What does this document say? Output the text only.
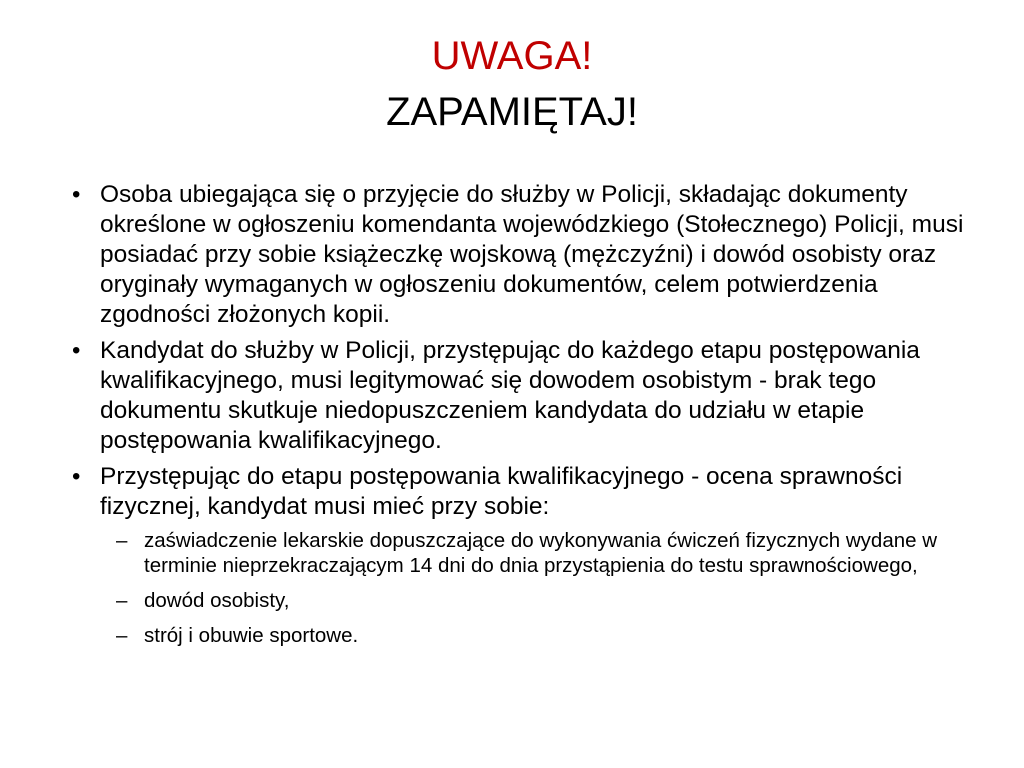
UWAGA!

ZAPAMIĘTAJ!

• Osoba ubiegająca się o przyjęcie do służby w Policji, składając dokumenty określone w ogłoszeniu komendanta wojewódzkiego (Stołecznego) Policji, musi posiadać przy sobie książeczkę wojskową (mężczyźni) i dowód osobisty oraz oryginały wymaganych w ogłoszeniu dokumentów, celem potwierdzenia zgodności złożonych kopii.
• Kandydat do służby w Policji, przystępując do każdego etapu postępowania kwalifikacyjnego, musi legitymować się dowodem osobistym - brak tego dokumentu skutkuje niedopuszczeniem kandydata do udziału w etapie postępowania kwalifikacyjnego.
• Przystępując do etapu postępowania kwalifikacyjnego - ocena sprawności fizycznej, kandydat musi mieć przy sobie:
– zaświadczenie lekarskie dopuszczające do wykonywania ćwiczeń fizycznych wydane w terminie nieprzekraczającym 14 dni do dnia przystąpienia do testu sprawnościowego,
– dowód osobisty,
– strój i obuwie sportowe.
